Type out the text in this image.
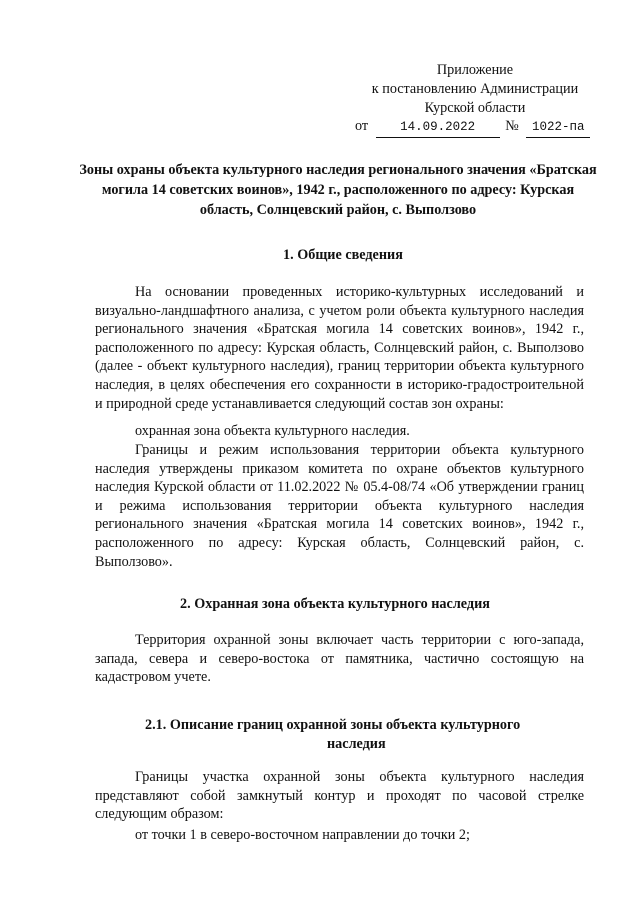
Приложение
к постановлению Администрации
Курской области
от	14.09.2022 № 1022-па
Зоны охраны объекта культурного наследия регионального значения «Братская могила 14 советских воинов», 1942 г., расположенного по адресу: Курская область, Солнцевский район, с. Выползово
1. Общие сведения
На основании проведенных историко-культурных исследований и визуально-ландшафтного анализа, с учетом роли объекта культурного наследия регионального значения «Братская могила 14 советских воинов», 1942 г., расположенного по адресу: Курская область, Солнцевский район, с. Выползово (далее - объект культурного наследия), границ территории объекта культурного наследия, в целях обеспечения его сохранности в историко-градостроительной и природной среде устанавливается следующий состав зон охраны:
охранная зона объекта культурного наследия.
Границы и режим использования территории объекта культурного наследия утверждены приказом комитета по охране объектов культурного наследия Курской области от 11.02.2022 № 05.4-08/74 «Об утверждении границ и режима использования территории объекта культурного наследия регионального значения «Братская могила 14 советских воинов», 1942 г., расположенного по адресу: Курская область, Солнцевский район, с. Выползово».
2. Охранная зона объекта культурного наследия
Территория охранной зоны включает часть территории с юго-запада, запада, севера и северо-востока от памятника, частично состоящую на кадастровом учете.
2.1. Описание границ охранной зоны объекта культурного
наследия
Границы участка охранной зоны объекта культурного наследия представляют собой замкнутый контур и проходят по часовой стрелке следующим образом:
от точки 1 в северо-восточном направлении до точки 2;
